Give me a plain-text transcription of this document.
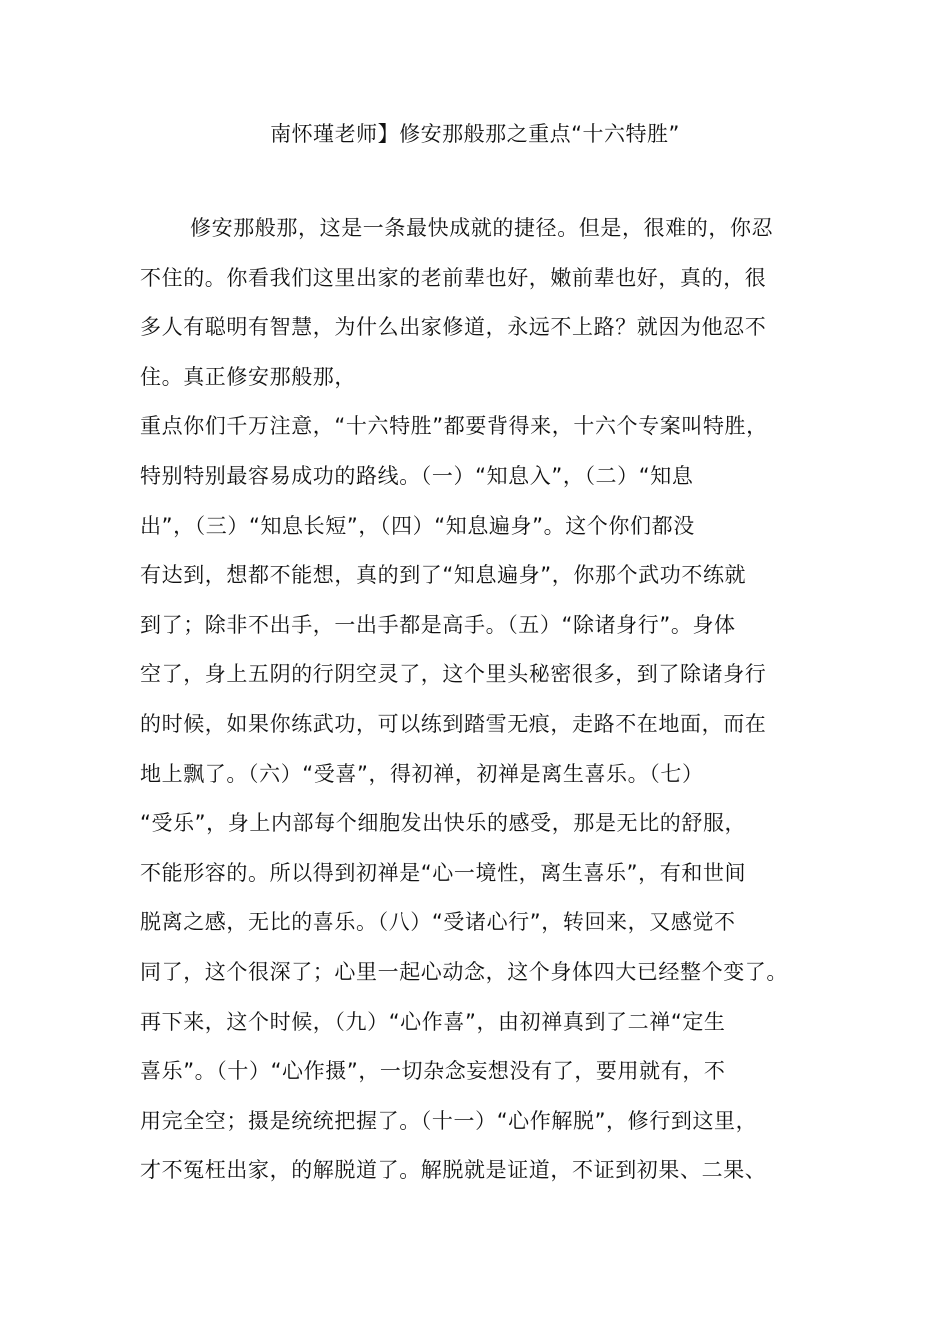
南怀瑾老师】修安那般那之重点“十六特胜”
修安那般那，这是一条最快成就的捷径。但是，很难的，你忍
不住的。你看我们这里出家的老前辈也好，嫩前辈也好，真的，很
多人有聪明有智慧，为什么出家修道，永远不上路？就因为他忍不
住。真正修安那般那，
重点你们千万注意，“十六特胜”都要背得来，十六个专案叫特胜，
特别特别最容易成功的路线。（一）“知息入”，（二）“知息
出”，（三）“知息长短”，（四）“知息遍身”。这个你们都没
有达到，想都不能想，真的到了“知息遍身”，你那个武功不练就
到了；除非不出手，一出手都是高手。（五）“除诸身行”。身体
空了，身上五阴的行阴空灵了，这个里头秘密很多，到了除诸身行
的时候，如果你练武功，可以练到踏雪无痕，走路不在地面，而在
地上飘了。（六）“受喜”，得初禅，初禅是离生喜乐。（七）
“受乐”，身上内部每个细胞发出快乐的感受，那是无比的舒服，
不能形容的。所以得到初禅是“心一境性，离生喜乐”，有和世间
脱离之感，无比的喜乐。（八）“受诸心行”，转回来，又感觉不
同了，这个很深了；心里一起心动念，这个身体四大已经整个变了。
再下来，这个时候，（九）“心作喜”，由初禅真到了二禅“定生
喜乐”。（十）“心作摄”，一切杂念妄想没有了，要用就有，不
用完全空；摄是统统把握了。（十一）“心作解脱”，修行到这里，
才不冤枉出家，的解脱道了。解脱就是证道，不证到初果、二果、
